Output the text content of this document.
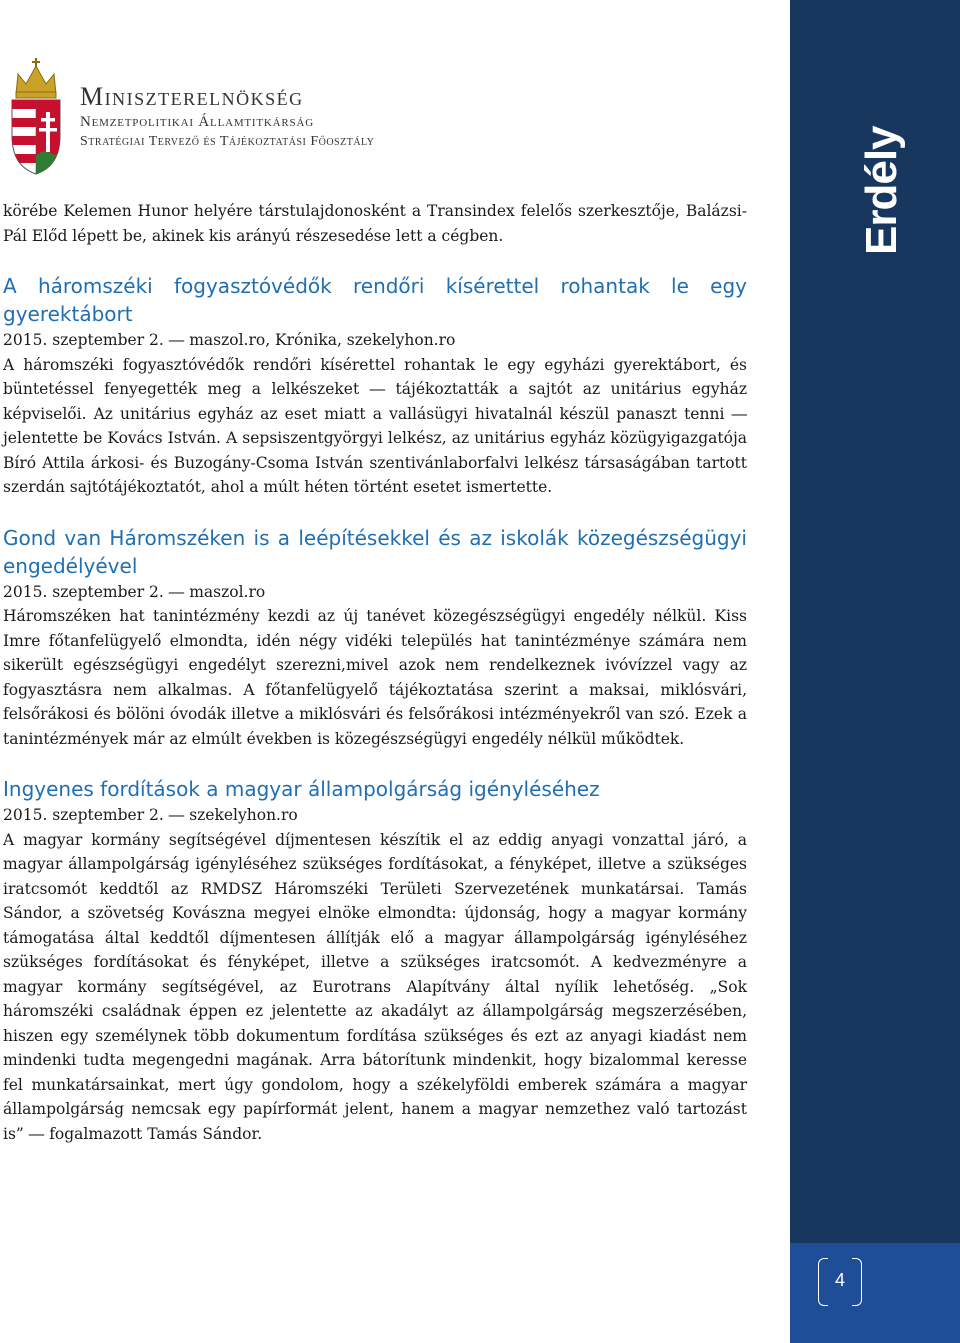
Miniszterelnökség
Nemzetpolitikai Államtitkárság
Stratégiai Tervező és Tájékoztatási Főosztály	Erdély
4

körébe Kelemen Hunor helyére társtulajdonosként a Transindex felelős szerkesztője, Balázsi-Pál Előd lépett be, akinek kis arányú részesedése lett a cégben.

A háromszéki fogyasztóvédők rendőri kísérettel rohantak le egy gyerektábort

2015. szeptember 2. ― maszol.ro, Krónika, szekelyhon.ro

A háromszéki fogyasztóvédők rendőri kísérettel rohantak le egy egyházi gyerektábort, és büntetéssel fenyegették meg a lelkészeket ― tájékoztatták a sajtót az unitárius egyház képviselői. Az unitárius egyház az eset miatt a vallásügyi hivatalnál készül panaszt tenni ― jelentette be Kovács István. A sepsiszentgyörgyi lelkész, az unitárius egyház közügyigazgatója Bíró Attila árkosi- és Buzogány-Csoma István szentivánlaborfalvi lelkész társaságában tartott szerdán sajtótájékoztatót, ahol a múlt héten történt esetet ismertette.

Gond van Háromszéken is a leépítésekkel és az iskolák közegészségügyi engedélyével

2015. szeptember 2. ― maszol.ro

Háromszéken hat tanintézmény kezdi az új tanévet közegészségügyi engedély nélkül. Kiss Imre főtanfelügyelő elmondta, idén négy vidéki település hat tanintézménye számára nem sikerült egészségügyi engedélyt szerezni,mivel azok nem rendelkeznek ivóvízzel vagy az fogyasztásra nem alkalmas. A főtanfelügyelő tájékoztatása szerint a maksai, miklósvári, felsőrákosi és bölöni óvodák illetve a miklósvári és felsőrákosi intézményekről van szó. Ezek a tanintézmények már az elmúlt években is közegészségügyi engedély nélkül működtek.

Ingyenes fordítások a magyar állampolgárság igényléséhez

2015. szeptember 2. ― szekelyhon.ro

A magyar kormány segítségével díjmentesen készítik el az eddig anyagi vonzattal járó, a magyar állampolgárság igényléséhez szükséges fordításokat, a fényképet, illetve a szükséges iratcsomót keddtől az RMDSZ Háromszéki Területi Szervezetének munkatársai. Tamás Sándor, a szövetség Kovászna megyei elnöke elmondta: újdonság, hogy a magyar kormány támogatása által keddtől díjmentesen állítják elő a magyar állampolgárság igényléséhez szükséges fordításokat és fényképet, illetve a szükséges iratcsomót. A kedvezményre a magyar kormány segítségével, az Eurotrans Alapítvány által nyílik lehetőség. „Sok háromszéki családnak éppen ez jelentette az akadályt az állampolgárság megszerzésében, hiszen egy személynek több dokumentum fordítása szükséges és ezt az anyagi kiadást nem mindenki tudta megengedni magának. Arra bátorítunk mindenkit, hogy bizalommal keresse fel munkatársainkat, mert úgy gondolom, hogy a székelyföldi emberek számára a magyar állampolgárság nemcsak egy papírformát jelent, hanem a magyar nemzethez való tartozást is” ― fogalmazott Tamás Sándor.
